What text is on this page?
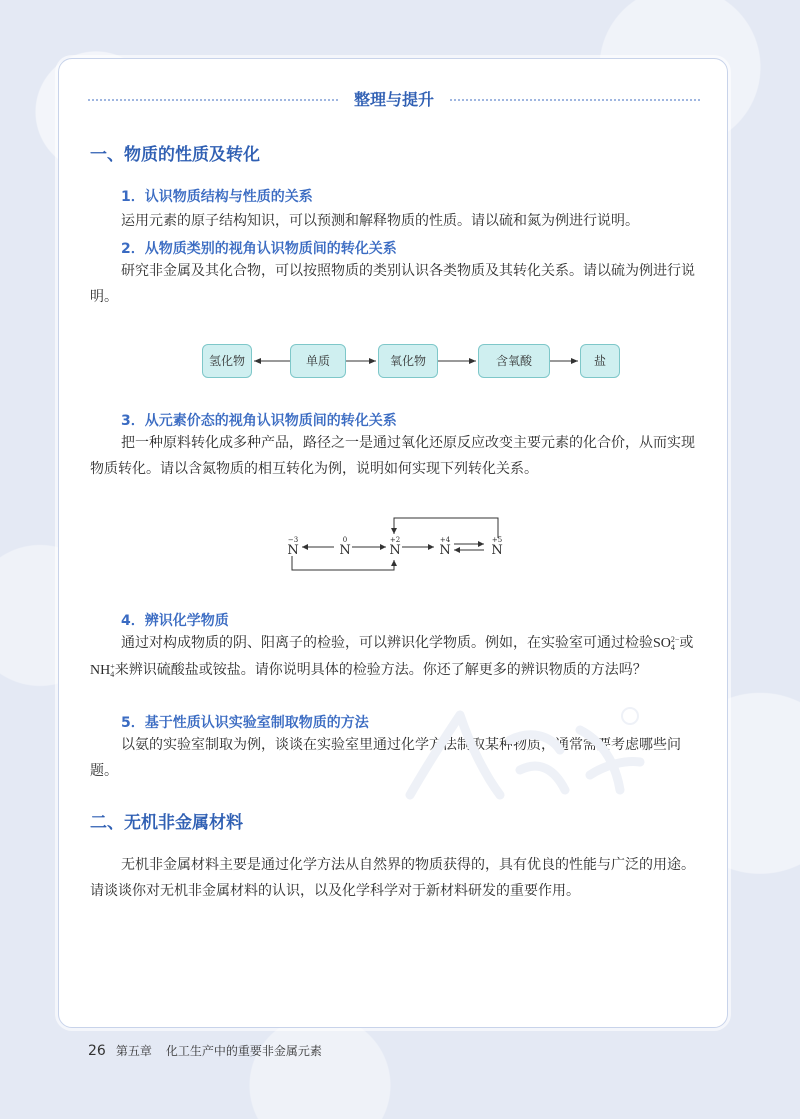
整理与提升
一、物质的性质及转化
1．认识物质结构与性质的关系
运用元素的原子结构知识，可以预测和解释物质的性质。请以硫和氮为例进行说明。
2．从物质类别的视角认识物质间的转化关系
研究非金属及其化合物，可以按照物质的类别认识各类物质及其转化关系。请以硫为例进行说明。
氢化物	单质	氧化物	含氧酸	盐
3．从元素价态的视角认识物质间的转化关系
把一种原料转化成多种产品，路径之一是通过氧化还原反应改变主要元素的化合价，从而实现物质转化。请以含氮物质的相互转化为例，说明如何实现下列转化关系。
−3
N
0
N
+2
N
+4
N
+5
N
4．辨识化学物质
通过对构成物质的阴、阳离子的检验，可以辨识化学物质。例如，在实验室可通过检验SO 2−
4 或NH +
4 来辨识硫酸盐或铵盐。请你说明具体的检验方法。你还了解更多的辨识物质的方法吗？
5．基于性质认识实验室制取物质的方法
以氨的实验室制取为例，谈谈在实验室里通过化学方法制取某种物质，通常需要考虑哪些问题。
二、无机非金属材料
无机非金属材料主要是通过化学方法从自然界的物质获得的，具有优良的性能与广泛的用途。请谈谈你对无机非金属材料的认识，以及化学科学对于新材料研发的重要作用。
26 第五章 化工生产中的重要非金属元素
